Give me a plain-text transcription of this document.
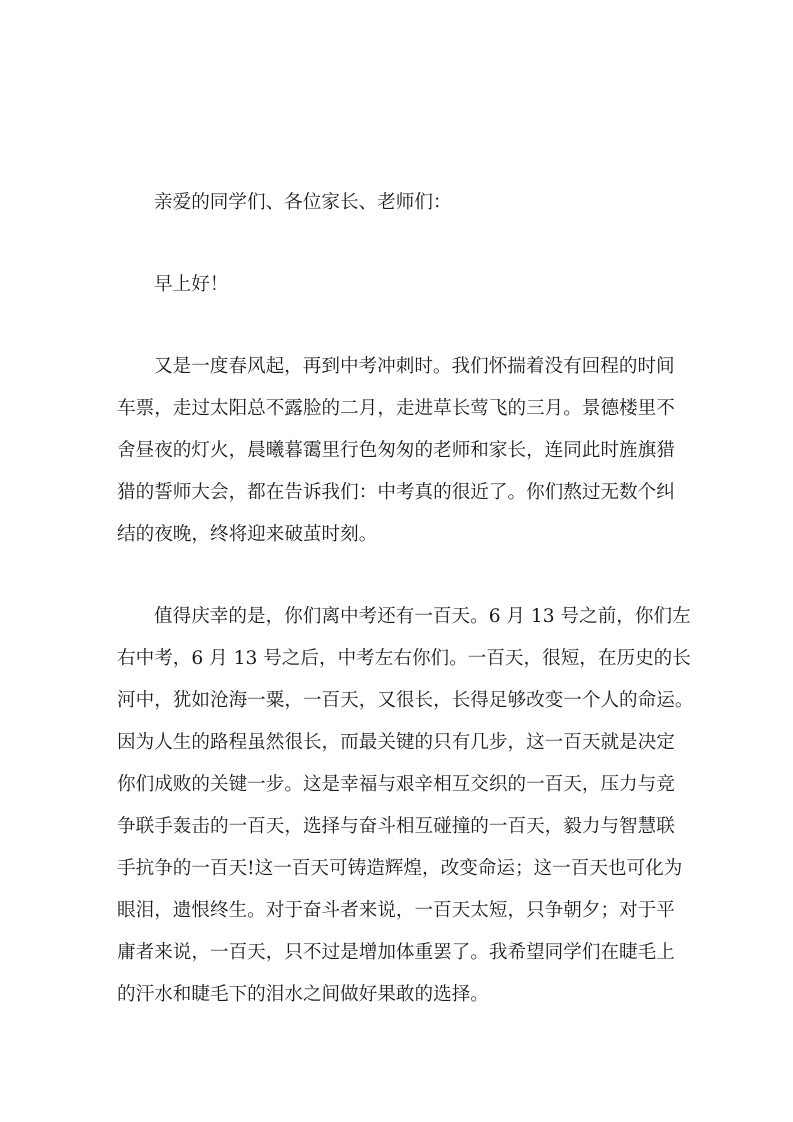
亲爱的同学们、各位家长、老师们：
早上好！
又是一度春风起，再到中考冲刺时。我们怀揣着没有回程的时间
车票，走过太阳总不露脸的二月，走进草长莺飞的三月。景德楼里不
舍昼夜的灯火，晨曦暮霭里行色匆匆的老师和家长，连同此时旌旗猎
猎的誓师大会，都在告诉我们：中考真的很近了。你们熬过无数个纠
结的夜晚，终将迎来破茧时刻。
值得庆幸的是，你们离中考还有一百天。6 月 13 号之前，你们左
右中考，6 月 13 号之后，中考左右你们。一百天，很短，在历史的长
河中，犹如沧海一粟，一百天，又很长，长得足够改变一个人的命运。
因为人生的路程虽然很长，而最关键的只有几步，这一百天就是决定
你们成败的关键一步。这是幸福与艰辛相互交织的一百天，压力与竞
争联手轰击的一百天，选择与奋斗相互碰撞的一百天，毅力与智慧联
手抗争的一百天!这一百天可铸造辉煌，改变命运；这一百天也可化为
眼泪，遗恨终生。对于奋斗者来说，一百天太短，只争朝夕；对于平
庸者来说，一百天，只不过是增加体重罢了。我希望同学们在睫毛上
的汗水和睫毛下的泪水之间做好果敢的选择。
